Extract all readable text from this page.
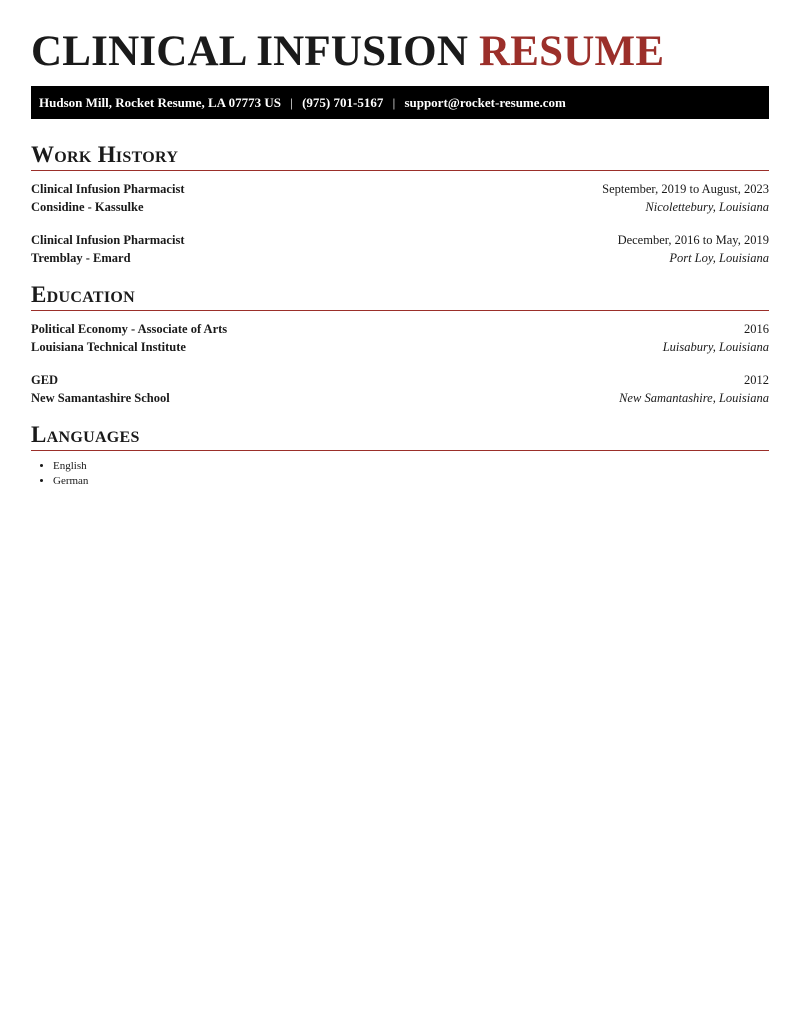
CLINICAL INFUSION RESUME
Hudson Mill, Rocket Resume, LA 07773 US | (975) 701-5167 | support@rocket-resume.com
Work History
Clinical Infusion Pharmacist	September, 2019 to August, 2023
Considine - Kassulke	Nicolettebury, Louisiana
Clinical Infusion Pharmacist	December, 2016 to May, 2019
Tremblay - Emard	Port Loy, Louisiana
Education
Political Economy - Associate of Arts	2016
Louisiana Technical Institute	Luisabury, Louisiana
GED	2012
New Samantashire School	New Samantashire, Louisiana
Languages
• English
• German
